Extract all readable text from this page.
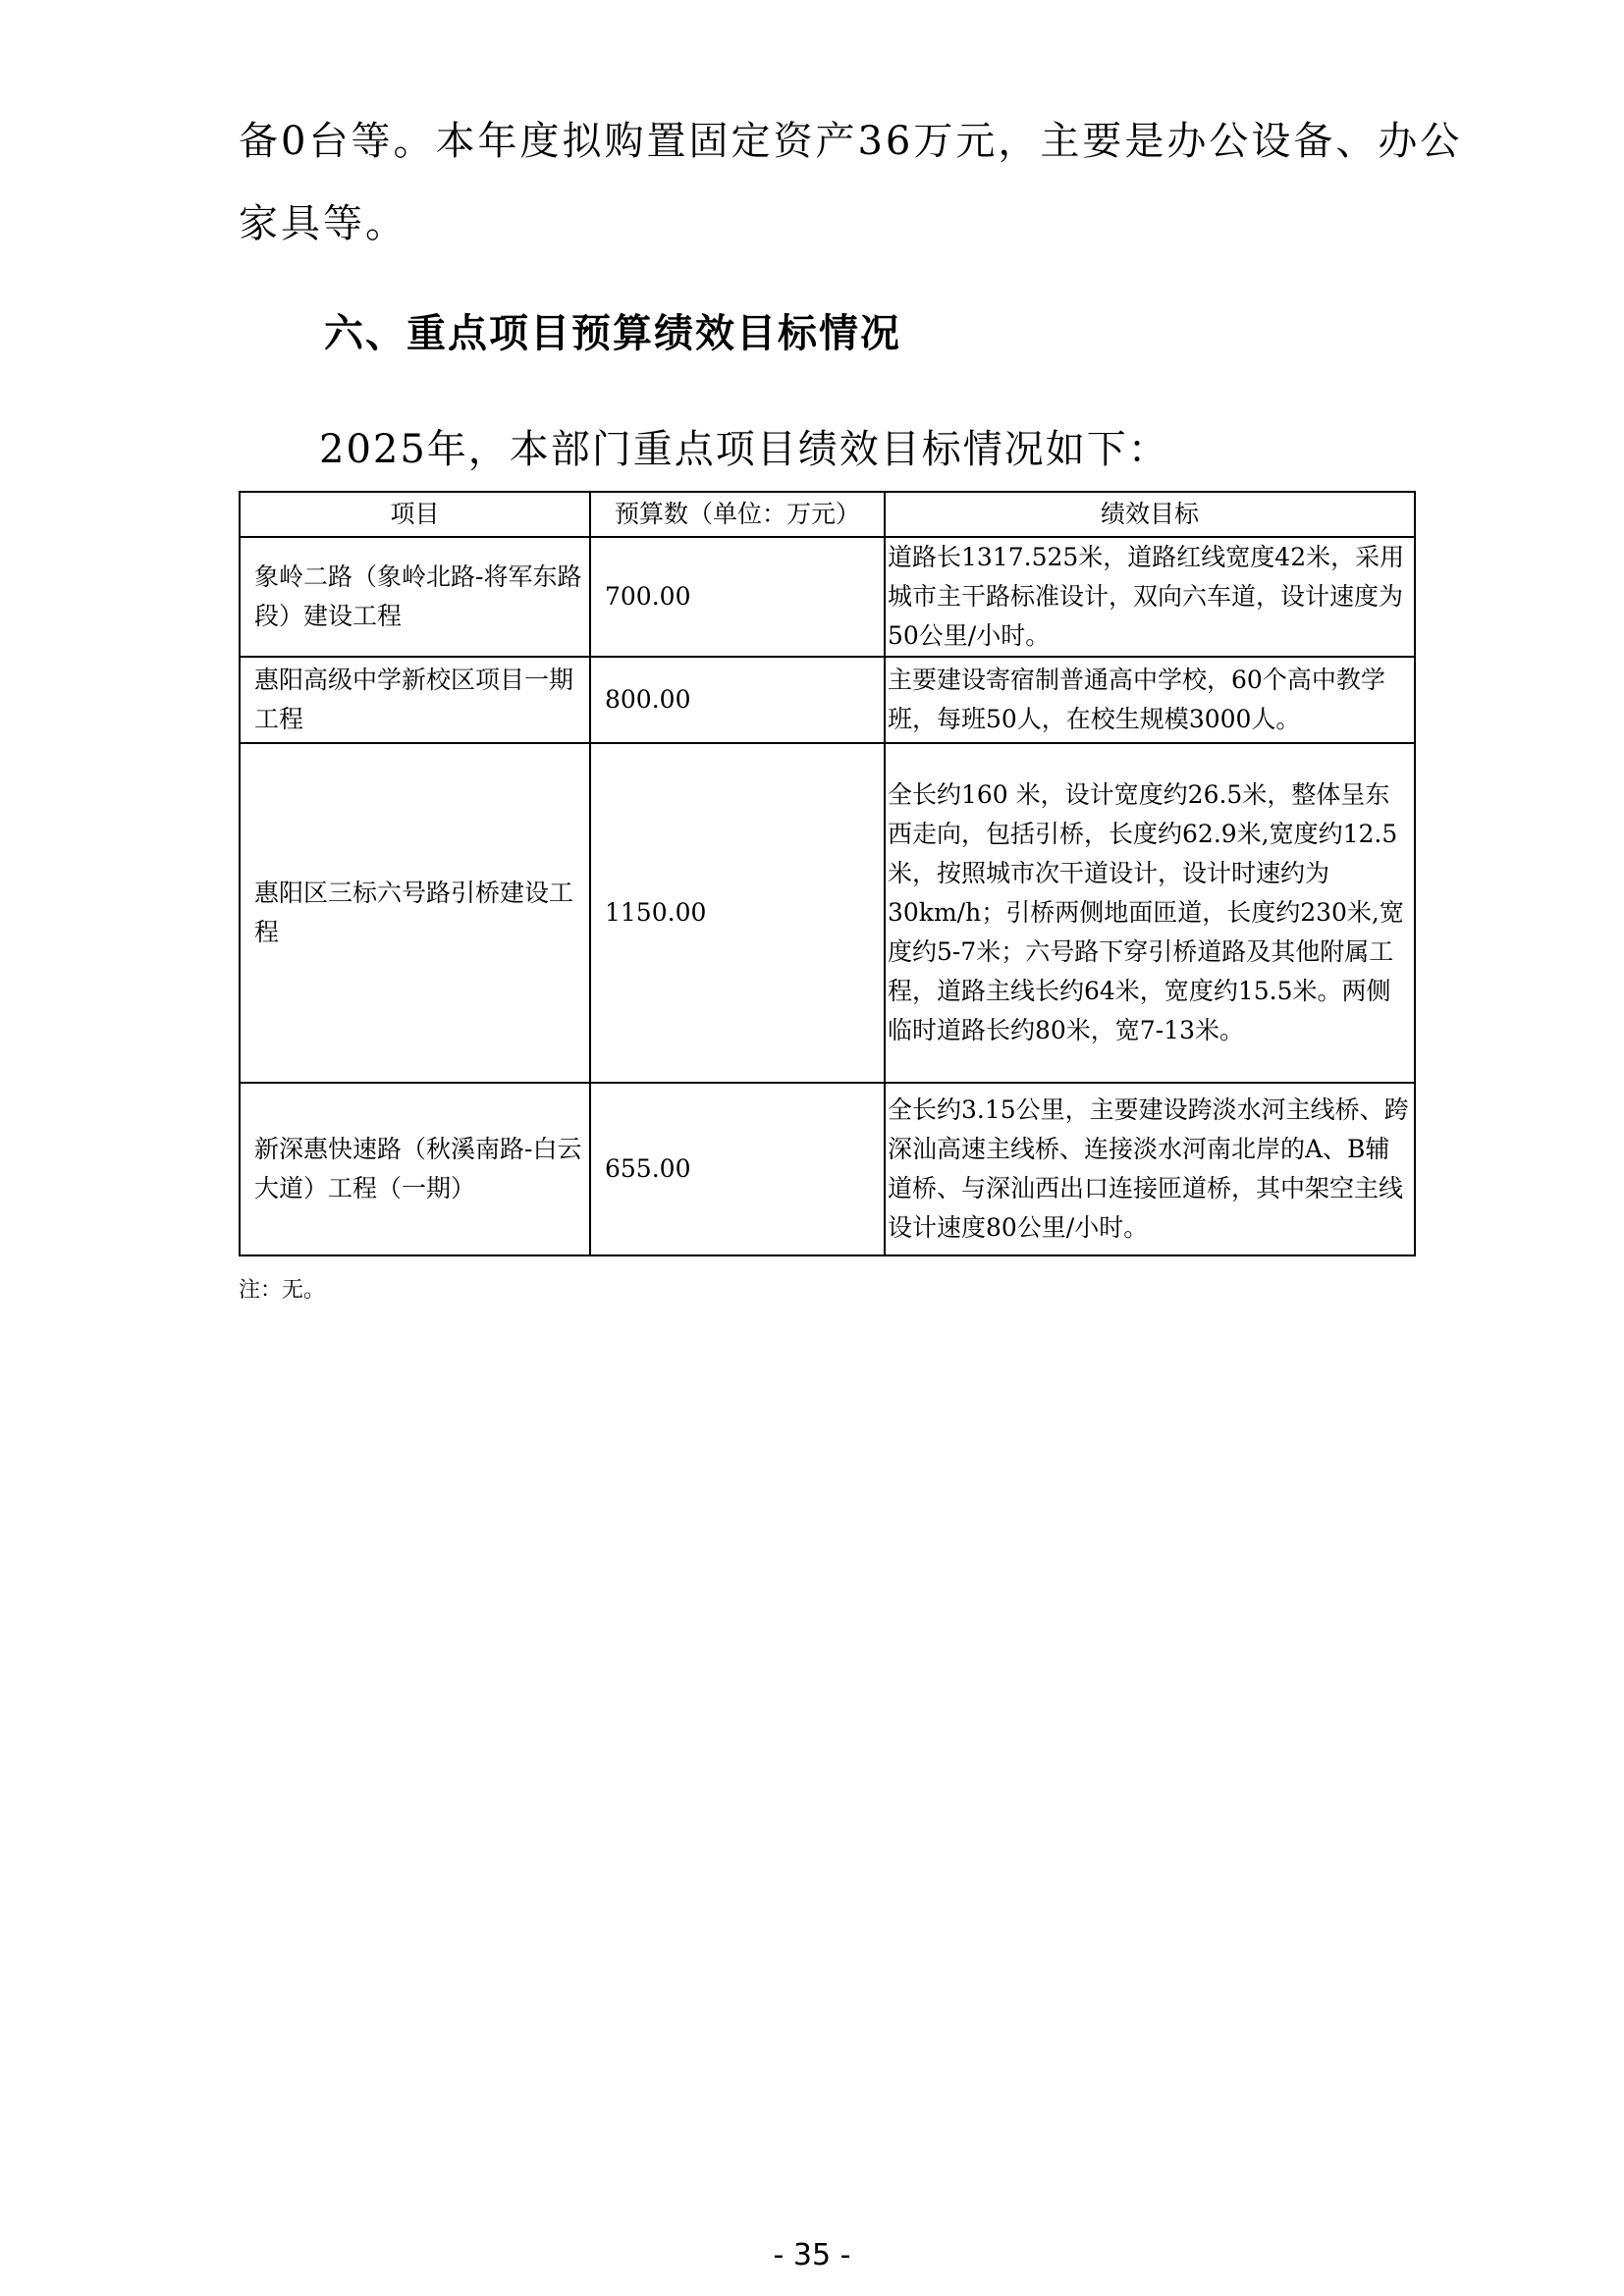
备0台等。本年度拟购置固定资产36万元，主要是办公设备、办公
家具等。
六、重点项目预算绩效目标情况
2025年，本部门重点项目绩效目标情况如下：
项目	预算数（单位：万元）	绩效目标
象岭二路（象岭北路-将军东路段）建设工程	700.00	道路长1317.525米，道路红线宽度42米，采用城市主干路标准设计，双向六车道，设计速度为50公里/小时。
惠阳高级中学新校区项目一期工程	800.00	主要建设寄宿制普通高中学校，60个高中教学班，每班50人，在校生规模3000人。
惠阳区三标六号路引桥建设工程	1150.00	全长约160 米，设计宽度约26.5米，整体呈东西走向，包括引桥，长度约62.9米,宽度约12.5米，按照城市次干道设计，设计时速约为30km/h；引桥两侧地面匝道，长度约230米,宽度约5-7米；六号路下穿引桥道路及其他附属工程，道路主线长约64米，宽度约15.5米。两侧临时道路长约80米，宽7-13米。
新深惠快速路（秋溪南路-白云大道）工程（一期）	655.00	全长约3.15公里，主要建设跨淡水河主线桥、跨深汕高速主线桥、连接淡水河南北岸的A、B辅道桥、与深汕西出口连接匝道桥，其中架空主线设计速度80公里/小时。
注：无。
- 35 -
